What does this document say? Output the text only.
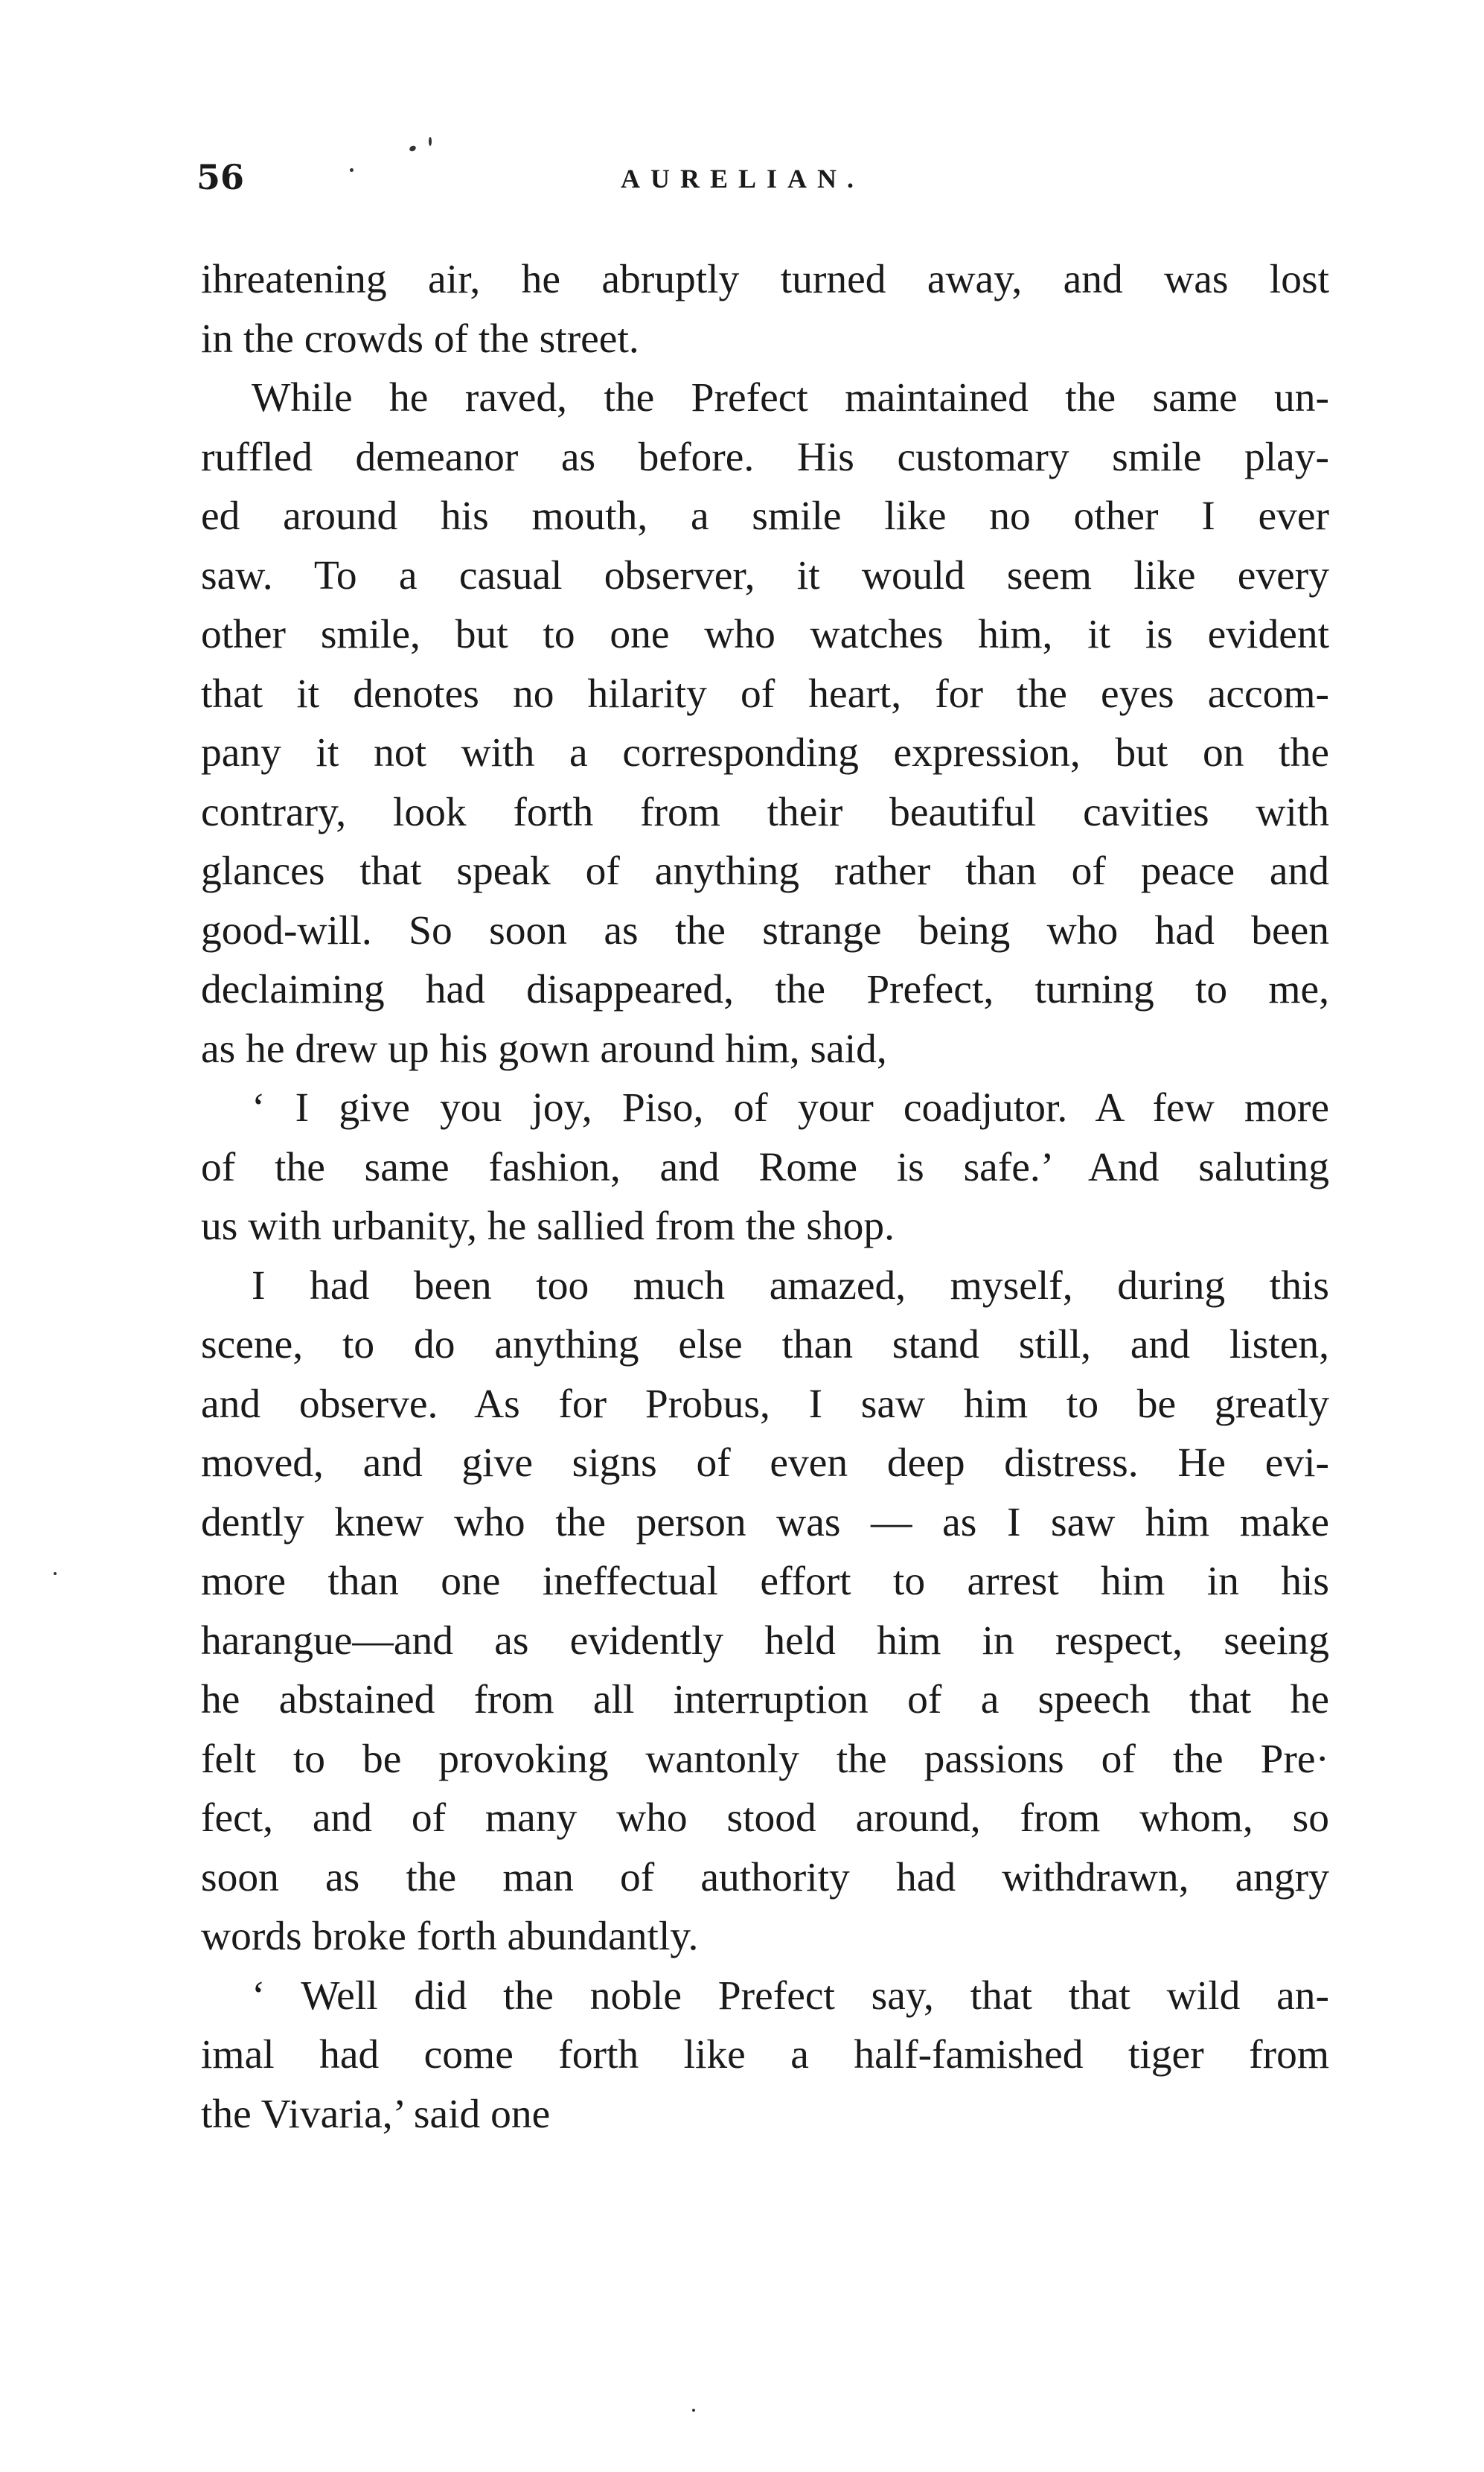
56	AURELIAN.
ihreatening air, he abruptly turned away, and was lost
in the crowds of the street.
While he raved, the Prefect maintained the same un-
ruffled demeanor as before. His customary smile play-
ed around his mouth, a smile like no other I ever
saw. To a casual observer, it would seem like every
other smile, but to one who watches him, it is evident
that it denotes no hilarity of heart, for the eyes accom-
pany it not with a corresponding expression, but on the
contrary, look forth from their beautiful cavities with
glances that speak of anything rather than of peace and
good-will. So soon as the strange being who had been
declaiming had disappeared, the Prefect, turning to me,
as he drew up his gown around him, said,
‘ I give you joy, Piso, of your coadjutor. A few more
of the same fashion, and Rome is safe.’ And saluting
us with urbanity, he sallied from the shop.
I had been too much amazed, myself, during this
scene, to do anything else than stand still, and listen,
and observe. As for Probus, I saw him to be greatly
moved, and give signs of even deep distress. He evi-
dently knew who the person was — as I saw him make
more than one ineffectual effort to arrest him in his
harangue—and as evidently held him in respect, seeing
he abstained from all interruption of a speech that he
felt to be provoking wantonly the passions of the Pre·
fect, and of many who stood around, from whom, so
soon as the man of authority had withdrawn, angry
words broke forth abundantly.
‘ Well did the noble Prefect say, that that wild an-
imal had come forth like a half-famished tiger from
the Vivaria,’ said one
